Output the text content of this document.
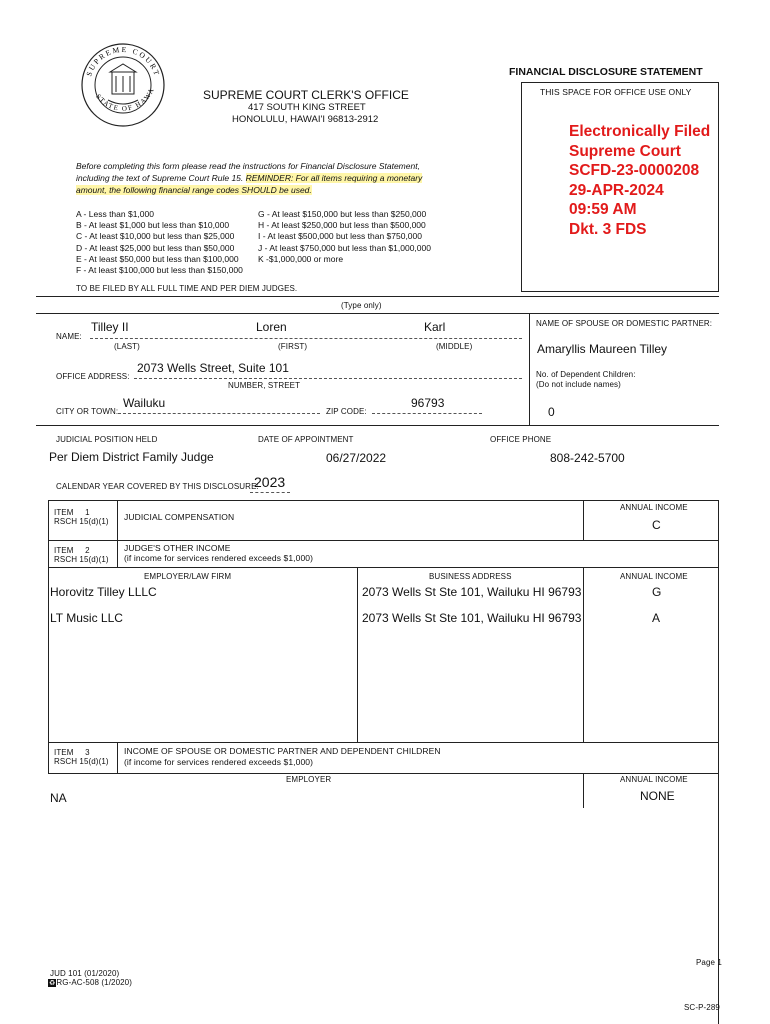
FINANCIAL DISCLOSURE STATEMENT
SUPREME COURT
STATE OF HAWA	SUPREME COURT CLERK'S OFFICE
417 SOUTH KING STREET
HONOLULU, HAWAI'I 96813-2912
THIS SPACE FOR OFFICE USE ONLY
Electronically Filed
Supreme Court
SCFD-23-0000208
29-APR-2024
09:59 AM
Dkt. 3 FDS
Before completing this form please read the instructions for Financial Disclosure Statement,
including the text of Supreme Court Rule 15. REMINDER: For all items requiring a monetary
amount, the following financial range codes SHOULD be used.
A - Less than $1,000
B - At least $1,000 but less than $10,000
C - At least $10,000 but less than $25,000
D - At least $25,000 but less than $50,000
E - At least $50,000 but less than $100,000
F - At least $100,000 but less than $150,000
G - At least $150,000 but less than $250,000
H - At least $250,000 but less than $500,000
I - At least $500,000 but less than $750,000
J - At least $750,000 but less than $1,000,000
K -$1,000,000 or more
TO BE FILED BY ALL FULL TIME AND PER DIEM JUDGES.
(Type only)
NAME:
Tilley II	Loren	Karl
(LAST)	(FIRST)	(MIDDLE)
NAME OF SPOUSE OR DOMESTIC PARTNER:
Amaryllis Maureen Tilley
OFFICE ADDRESS:
2073 Wells Street, Suite 101
NUMBER, STREET
No. of Dependent Children:
(Do not include names)
0
CITY OR TOWN:
Wailuku
ZIP CODE:
96793
JUDICIAL POSITION HELD	DATE OF APPOINTMENT	OFFICE PHONE
Per Diem District Family Judge	06/27/2022	808-242-5700
CALENDAR YEAR COVERED BY THIS DISCLOSURE:
2023
ITEM 1
RSCH 15(d)(1) JUDICIAL COMPENSATION
ANNUAL INCOME
C
ITEM 2
RSCH 15(d)(1)
JUDGE'S OTHER INCOME
(if income for services rendered exceeds $1,000)
EMPLOYER/LAW FIRM	BUSINESS ADDRESS	ANNUAL INCOME
Horovitz Tilley LLLC	2073 Wells St Ste 101, Wailuku HI 96793	G
LT Music LLC	2073 Wells St Ste 101, Wailuku HI 96793	A
ITEM 3
RSCH 15(d)(1)
INCOME OF SPOUSE OR DOMESTIC PARTNER AND DEPENDENT CHILDREN
(if income for services rendered exceeds $1,000)
EMPLOYER	ANNUAL INCOME
NA	NONE
Page 1
JUD 101 (01/2020)
♻RG-AC-508 (1/2020)
SC-P-289
